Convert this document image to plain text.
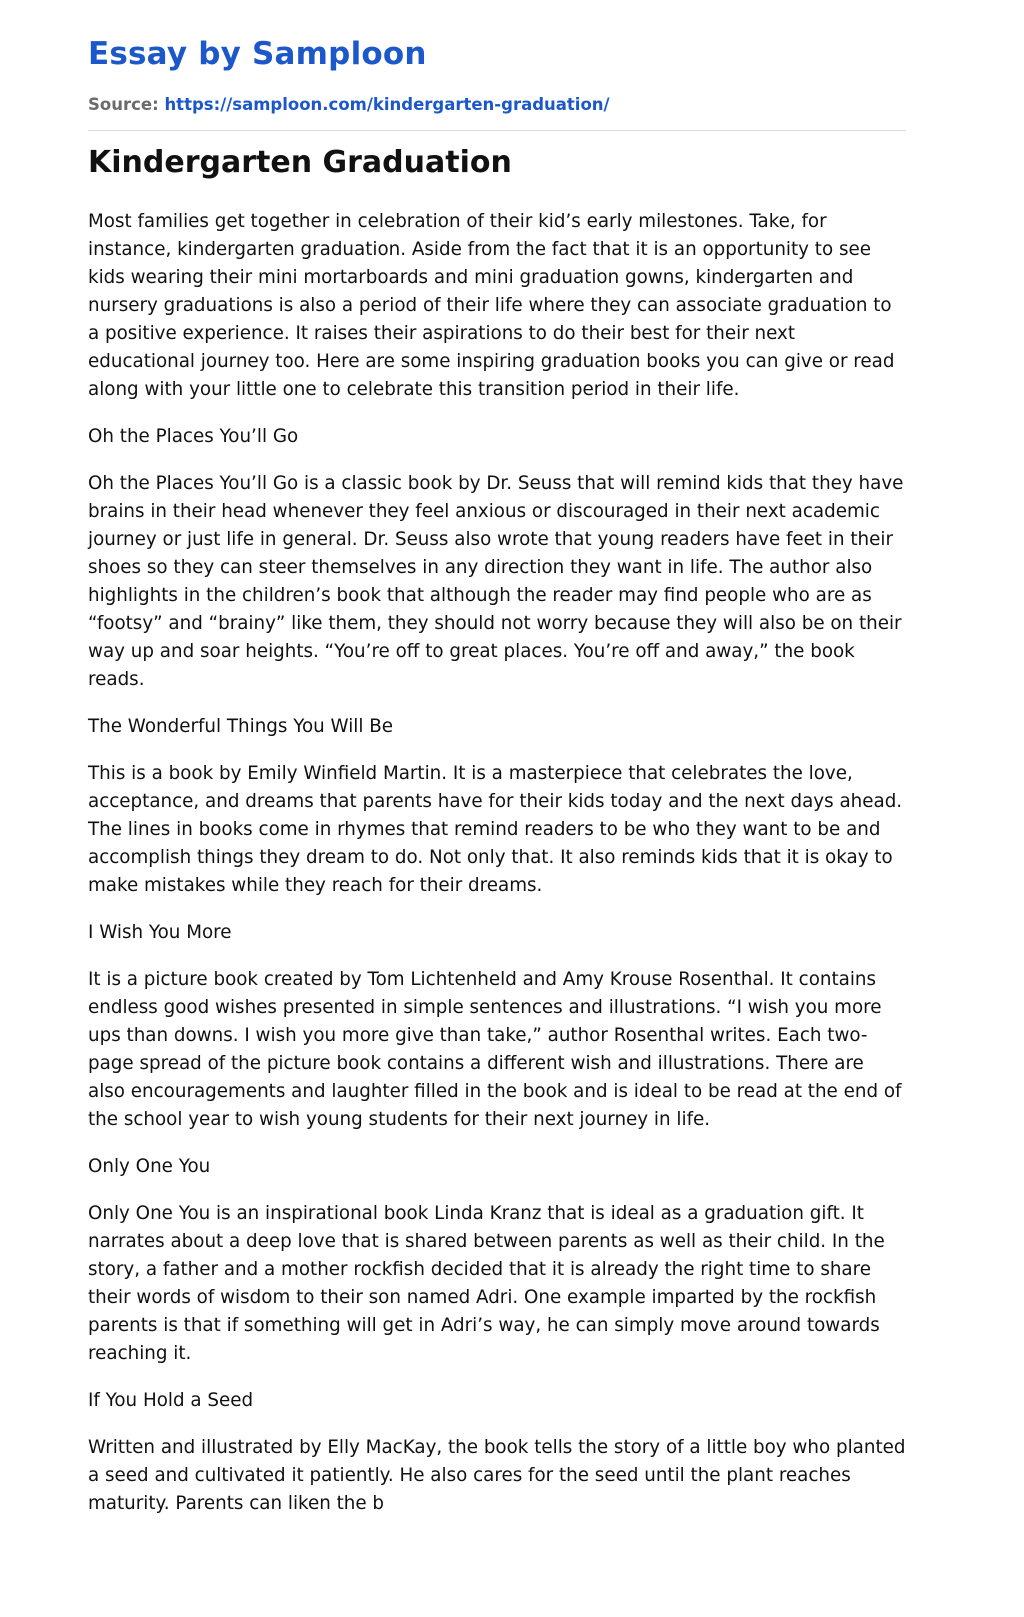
Essay by Samploon
Source: https://samploon.com/kindergarten-graduation/
Kindergarten Graduation

Most families get together in celebration of their kid’s early milestones. Take, for instance, kindergarten graduation. Aside from the fact that it is an opportunity to see kids wearing their mini mortarboards and mini graduation gowns, kindergarten and nursery graduations is also a period of their life where they can associate graduation to a positive experience. It raises their aspirations to do their best for their next educational journey too. Here are some inspiring graduation books you can give or read along with your little one to celebrate this transition period in their life.

Oh the Places You’ll Go

Oh the Places You’ll Go is a classic book by Dr. Seuss that will remind kids that they have brains in their head whenever they feel anxious or discouraged in their next academic journey or just life in general. Dr. Seuss also wrote that young readers have feet in their shoes so they can steer themselves in any direction they want in life. The author also highlights in the children’s book that although the reader may find people who are as “footsy” and “brainy” like them, they should not worry because they will also be on their way up and soar heights. “You’re off to great places. You’re off and away,” the book reads.

The Wonderful Things You Will Be

This is a book by Emily Winfield Martin. It is a masterpiece that celebrates the love, acceptance, and dreams that parents have for their kids today and the next days ahead. The lines in books come in rhymes that remind readers to be who they want to be and accomplish things they dream to do. Not only that. It also reminds kids that it is okay to make mistakes while they reach for their dreams.

I Wish You More

It is a picture book created by Tom Lichtenheld and Amy Krouse Rosenthal. It contains endless good wishes presented in simple sentences and illustrations. “I wish you more ups than downs. I wish you more give than take,” author Rosenthal writes. Each two-page spread of the picture book contains a different wish and illustrations. There are also encouragements and laughter filled in the book and is ideal to be read at the end of the school year to wish young students for their next journey in life.

Only One You

Only One You is an inspirational book Linda Kranz that is ideal as a graduation gift. It narrates about a deep love that is shared between parents as well as their child. In the story, a father and a mother rockfish decided that it is already the right time to share their words of wisdom to their son named Adri. One example imparted by the rockfish parents is that if something will get in Adri’s way, he can simply move around towards reaching it.

If You Hold a Seed

Written and illustrated by Elly MacKay, the book tells the story of a little boy who planted a seed and cultivated it patiently. He also cares for the seed until the plant reaches maturity. Parents can liken the b
